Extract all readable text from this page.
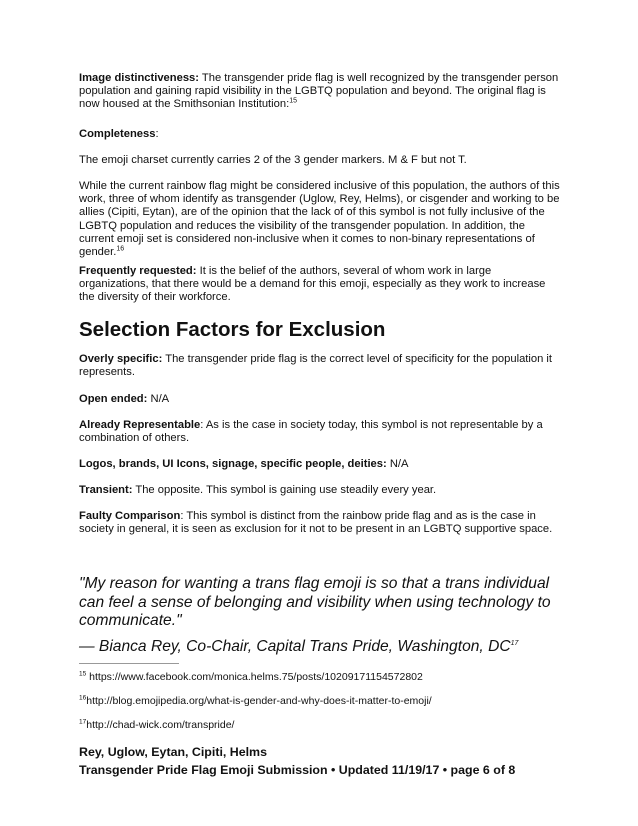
Image distinctiveness: The transgender pride flag is well recognized by the transgender person population and gaining rapid visibility in the LGBTQ population and beyond. The original flag is now housed at the Smithsonian Institution:$^{15}$

Completeness:

The emoji charset currently carries 2 of the 3 gender markers. M & F but not T.

While the current rainbow flag might be considered inclusive of this population, the authors of this work, three of whom identify as transgender (Uglow, Rey, Helms), or cisgender and working to be allies (Cipiti, Eytan), are of the opinion that the lack of of this symbol is not fully inclusive of the LGBTQ population and reduces the visibility of the transgender population. In addition, the current emoji set is considered non-inclusive when it comes to non-binary representations of gender.$^{16}$

Frequently requested: It is the belief of the authors, several of whom work in large organizations, that there would be a demand for this emoji, especially as they work to increase the diversity of their workforce.

Selection Factors for Exclusion

Overly specific: The transgender pride flag is the correct level of specificity for the population it represents.

Open ended: N/A

Already Representable: As is the case in society today, this symbol is not representable by a combination of others.

Logos, brands, UI Icons, signage, specific people, deities: N/A

Transient: The opposite. This symbol is gaining use steadily every year.

Faulty Comparison: This symbol is distinct from the rainbow pride flag and as is the case in society in general, it is seen as exclusion for it not to be present in an LGBTQ supportive space.

"My reason for wanting a trans flag emoji is so that a trans individual can feel a sense of belonging and visibility when using technology to communicate."

— Bianca Rey, Co-Chair, Capital Trans Pride, Washington, DC$^{17}$

$^{15}$ https://www.facebook.com/monica.helms.75/posts/10209171154572802

$^{16}$http://blog.emojipedia.org/what-is-gender-and-why-does-it-matter-to-emoji/

$^{17}$http://chad-wick.com/transpride/

Rey, Uglow, Eytan, Cipiti, Helms

Transgender Pride Flag Emoji Submission • Updated 11/19/17 • page 6 of 8
